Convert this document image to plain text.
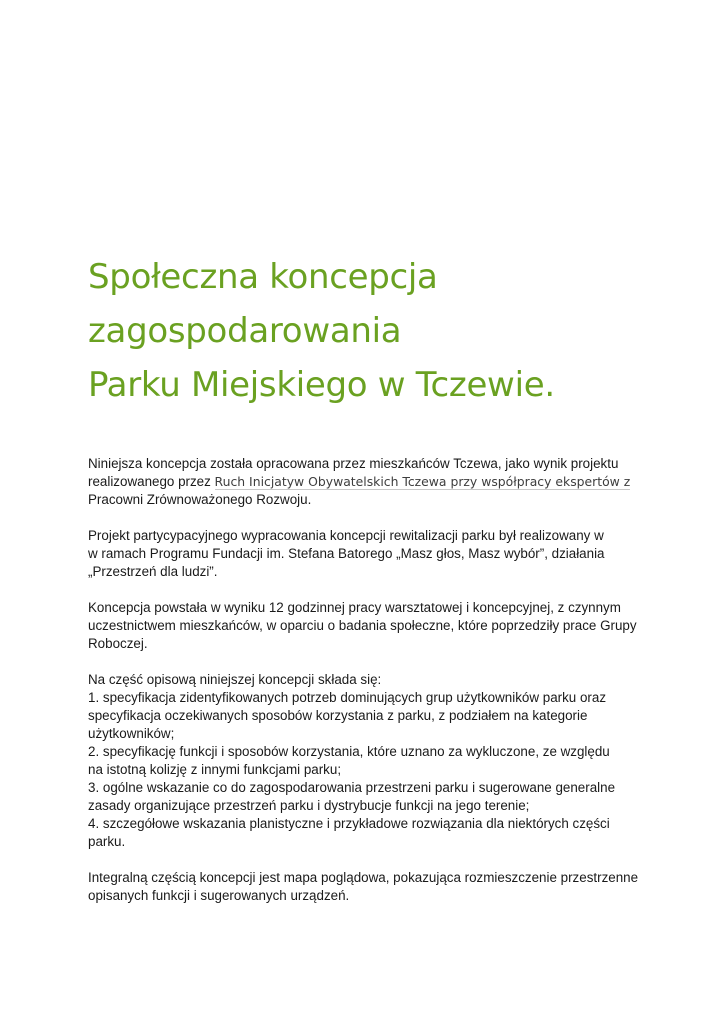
Społeczna koncepcja
zagospodarowania
Parku Miejskiego w Tczewie.

Niniejsza koncepcja została opracowana przez mieszkańców Tczewa, jako wynik projektu
realizowanego przez Ruch Inicjatyw Obywatelskich Tczewa przy współpracy ekspertów z
Pracowni Zrównoważonego Rozwoju.

Projekt partycypacyjnego wypracowania koncepcji rewitalizacji parku był realizowany w
w ramach Programu Fundacji im. Stefana Batorego „Masz głos, Masz wybór”, działania
„Przestrzeń dla ludzi”.

Koncepcja powstała w wyniku 12 godzinnej pracy warsztatowej i koncepcyjnej, z czynnym
uczestnictwem mieszkańców, w oparciu o badania społeczne, które poprzedziły prace Grupy
Roboczej.

Na część opisową niniejszej koncepcji składa się:
1. specyfikacja zidentyfikowanych potrzeb dominujących grup użytkowników parku oraz
specyfikacja oczekiwanych sposobów korzystania z parku, z podziałem na kategorie
użytkowników;
2. specyfikację funkcji i sposobów korzystania, które uznano za wykluczone, ze względu
na istotną kolizję z innymi funkcjami parku;
3. ogólne wskazanie co do zagospodarowania przestrzeni parku i sugerowane generalne
zasady organizujące przestrzeń parku i dystrybucje funkcji na jego terenie;
4. szczegółowe wskazania planistyczne i przykładowe rozwiązania dla niektórych części
parku.

Integralną częścią koncepcji jest mapa poglądowa, pokazująca rozmieszczenie przestrzenne
opisanych funkcji i sugerowanych urządzeń.
